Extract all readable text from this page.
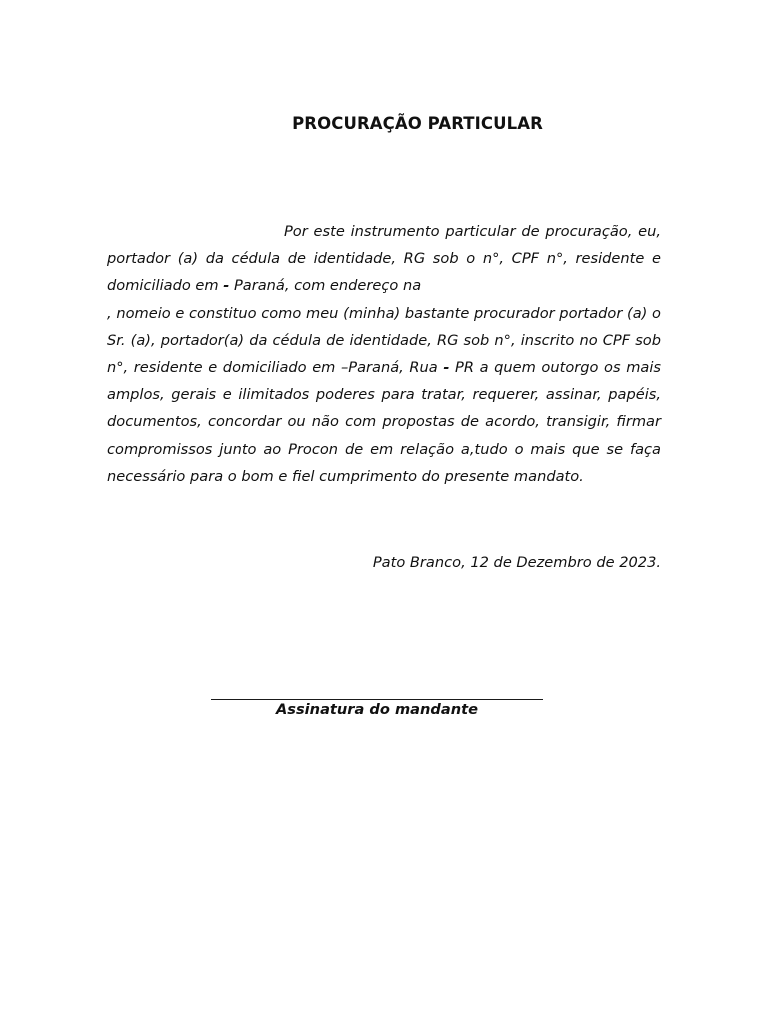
PROCURAÇÃO PARTICULAR

Por este instrumento particular de procuração, eu, portador (a) da cédula de identidade, RG sob o n°, CPF n°, residente e domiciliado em - Paraná, com endereço na
, nomeio e constituo como meu (minha) bastante procurador portador (a) o Sr. (a), portador(a) da cédula de identidade, RG sob n°, inscrito no CPF sob n°, residente e domiciliado em –Paraná, Rua - PR a quem outorgo os mais amplos, gerais e ilimitados poderes para tratar, requerer, assinar, papéis, documentos, concordar ou não com propostas de acordo, transigir, firmar compromissos junto ao Procon de em relação a,tudo o mais que se faça necessário para o bom e fiel cumprimento do presente mandato.

Pato Branco, 12 de Dezembro de 2023.

Assinatura do mandante
